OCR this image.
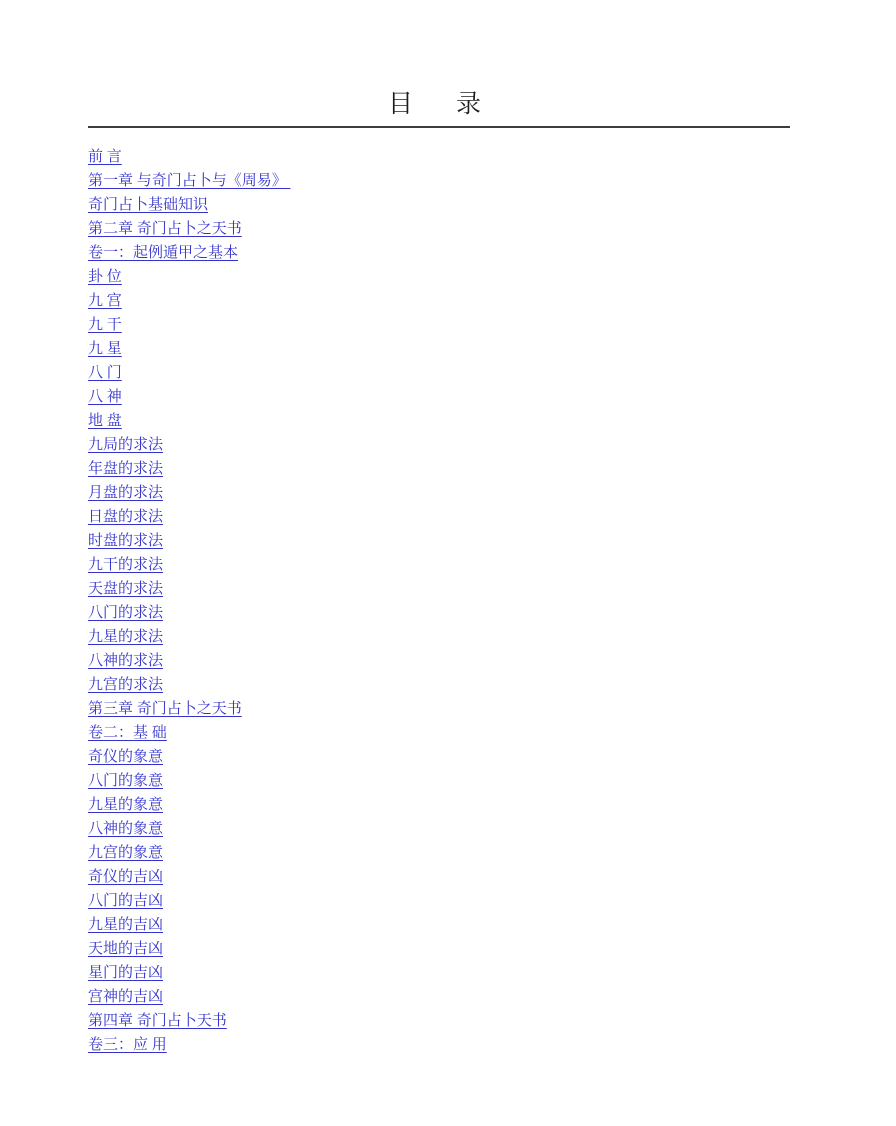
目　录
前 言
第一章 与奇门占卜与《周易》
奇门占卜基础知识
第二章 奇门占卜之天书
卷一：起例遁甲之基本
卦 位
九 宫
九 干
九 星
八 门
八 神
地 盘
九局的求法
年盘的求法
月盘的求法
日盘的求法
时盘的求法
九干的求法
天盘的求法
八门的求法
九星的求法
八神的求法
九宫的求法
第三章 奇门占卜之天书
卷二：基 础
奇仪的象意
八门的象意
九星的象意
八神的象意
九宫的象意
奇仪的吉凶
八门的吉凶
九星的吉凶
天地的吉凶
星门的吉凶
宫神的吉凶
第四章 奇门占卜天书
卷三：应 用
